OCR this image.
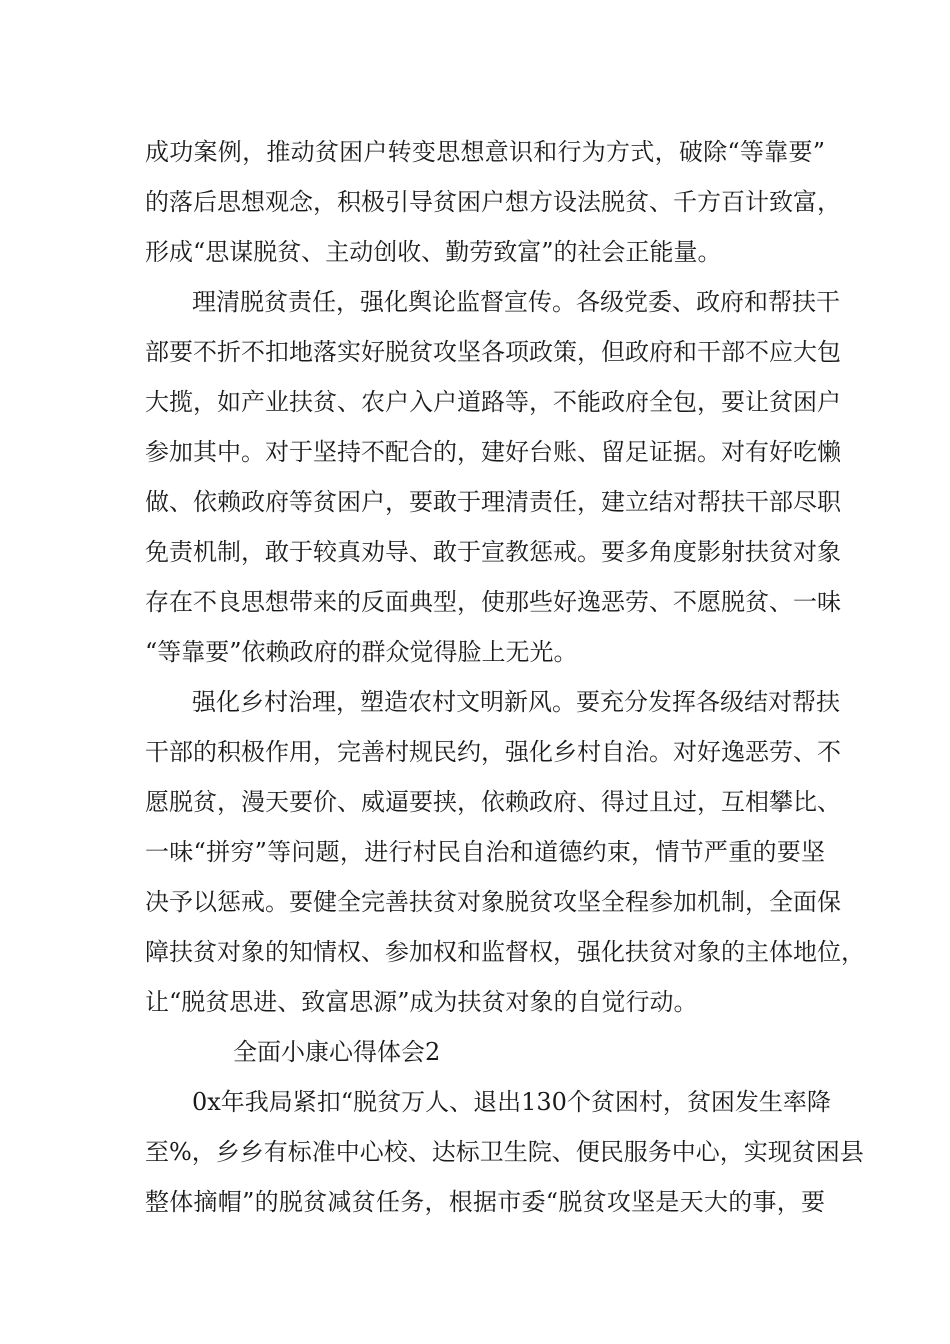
成功案例，推动贫困户转变思想意识和行为方式，破除“等靠要”
的落后思想观念，积极引导贫困户想方设法脱贫、千方百计致富，
形成“思谋脱贫、主动创收、勤劳致富”的社会正能量。
理清脱贫责任，强化舆论监督宣传。各级党委、政府和帮扶干
部要不折不扣地落实好脱贫攻坚各项政策，但政府和干部不应大包
大揽，如产业扶贫、农户入户道路等，不能政府全包，要让贫困户
参加其中。对于坚持不配合的，建好台账、留足证据。对有好吃懒
做、依赖政府等贫困户，要敢于理清责任，建立结对帮扶干部尽职
免责机制，敢于较真劝导、敢于宣教惩戒。要多角度影射扶贫对象
存在不良思想带来的反面典型，使那些好逸恶劳、不愿脱贫、一味
“等靠要”依赖政府的群众觉得脸上无光。
强化乡村治理，塑造农村文明新风。要充分发挥各级结对帮扶
干部的积极作用，完善村规民约，强化乡村自治。对好逸恶劳、不
愿脱贫，漫天要价、威逼要挟，依赖政府、得过且过，互相攀比、
一味“拼穷”等问题，进行村民自治和道德约束，情节严重的要坚
决予以惩戒。要健全完善扶贫对象脱贫攻坚全程参加机制，全面保
障扶贫对象的知情权、参加权和监督权，强化扶贫对象的主体地位，
让“脱贫思进、致富思源”成为扶贫对象的自觉行动。
全面小康心得体会2
0x年我局紧扣“脱贫万人、退出130个贫困村，贫困发生率降
至%，乡乡有标准中心校、达标卫生院、便民服务中心，实现贫困县
整体摘帽”的脱贫减贫任务，根据市委“脱贫攻坚是天大的事，要
